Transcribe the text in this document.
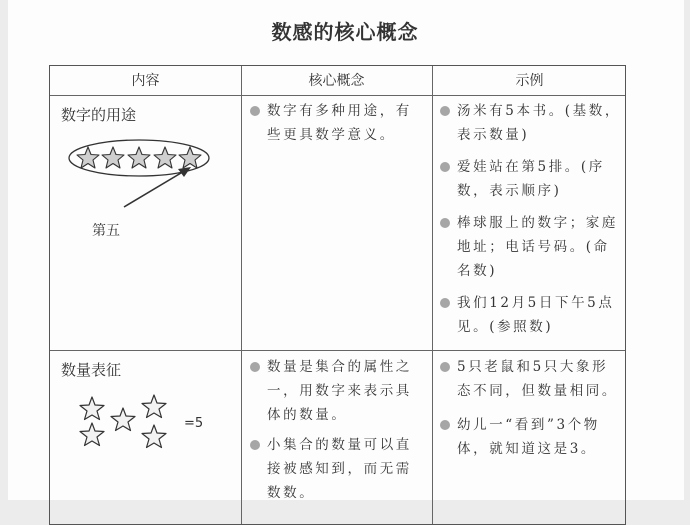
数感的核心概念
内容	核心概念	示例
数字的用途
第五
数字有多种用途，有些更具数学意义。
汤米有5本书。(基数，表示数量)
爱娃站在第5排。(序数，表示顺序)
棒球服上的数字；家庭地址；电话号码。(命名数)
我们12月5日下午5点见。(参照数)
数量表征
=5
数量是集合的属性之一，用数字来表示具体的数量。
小集合的数量可以直接被感知到，而无需数数。
5只老鼠和5只大象形态不同，但数量相同。
幼儿一“看到”3个物体，就知道这是3。
